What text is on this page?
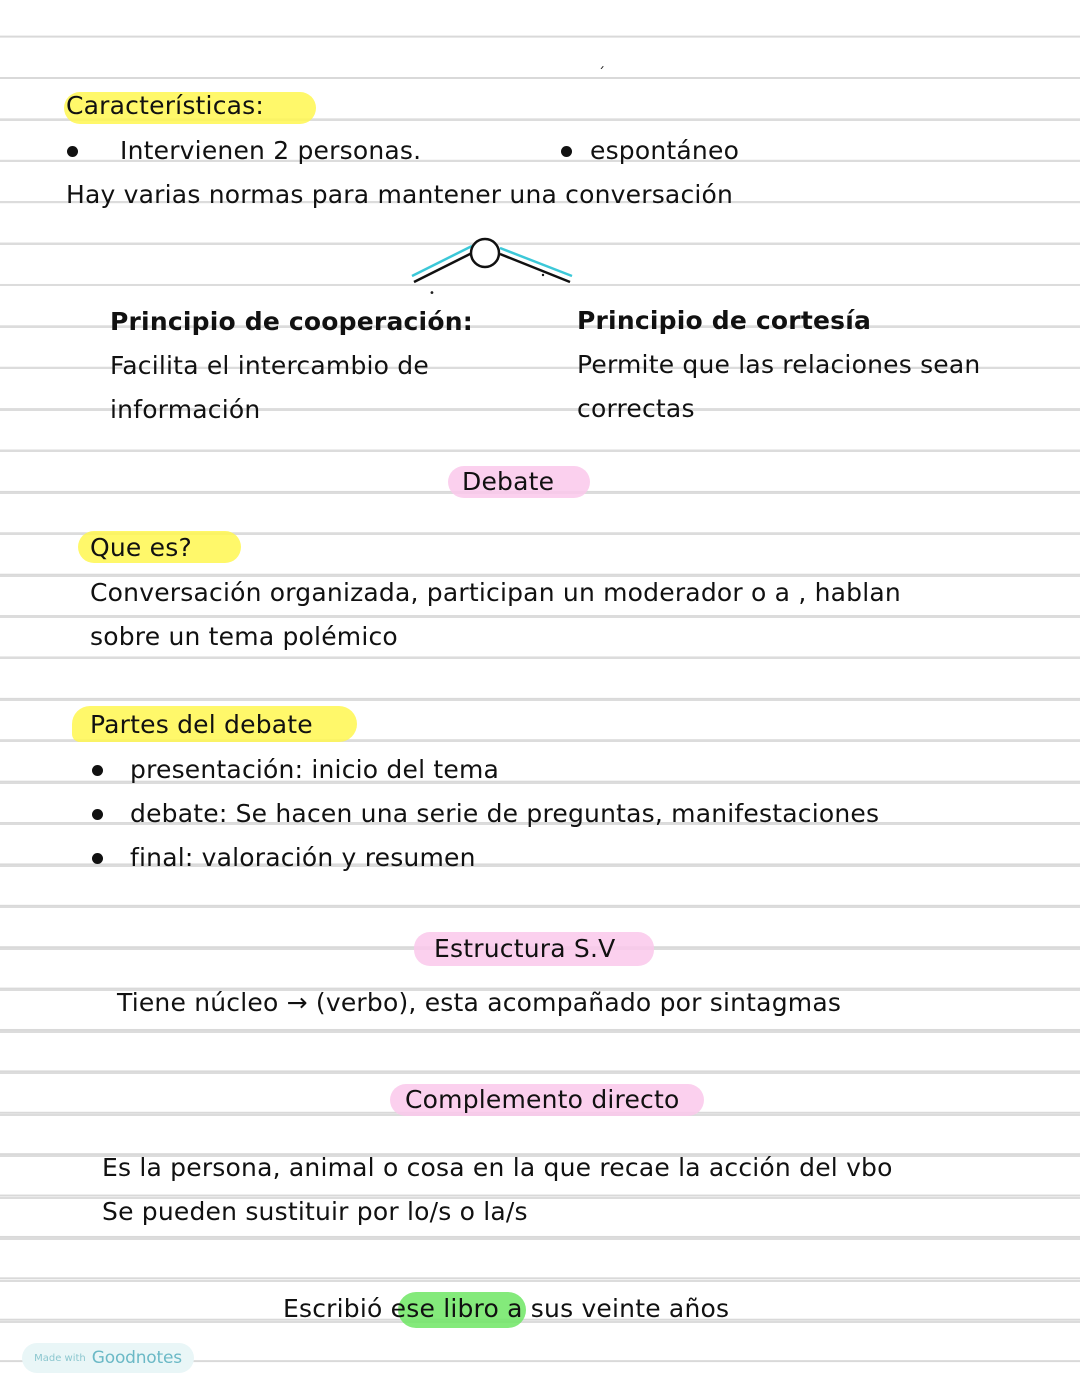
´
Características:
Intervienen 2 personas.	espontáneo
Hay varias normas para mantener una conversación
•
Principio de cooperación:
Facilita el intercambio de
información
Principio de cortesía
Permite que las relaciones sean
correctas
Debate
Que es?
Conversación organizada, participan un moderador o a , hablan
sobre un tema polémico
Partes del debate
presentación: inicio del tema
debate: Se hacen una serie de preguntas, manifestaciones
final: valoración y resumen
Estructura S.V
Tiene núcleo → (verbo), esta acompañado por sintagmas
Complemento directo
Es la persona, animal o cosa en la que recae la acción del vbo
Se pueden sustituir por lo/s o la/s
Escribió ese libro a sus veinte años
Made with Goodnotes
